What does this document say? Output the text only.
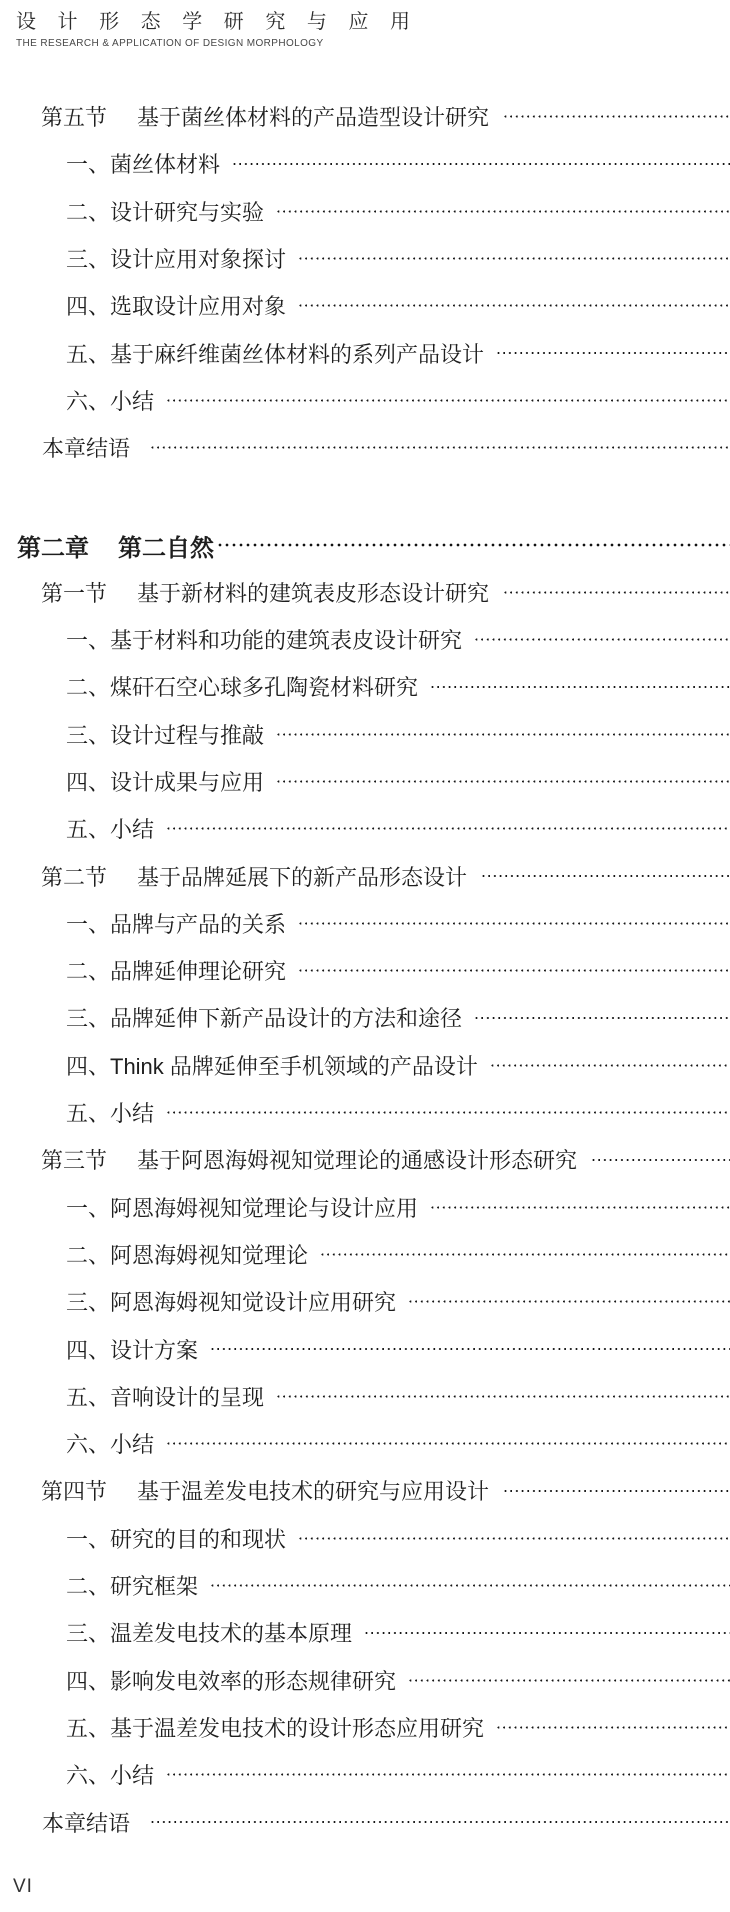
设 计 形 态 学 研 究 与 应 用
THE RESEARCH & APPLICATION OF DESIGN MORPHOLOGY
第五节 基于菌丝体材料的产品造型设计研究
一、菌丝体材料
二、设计研究与实验
三、设计应用对象探讨
四、选取设计应用对象
五、基于麻纤维菌丝体材料的系列产品设计
六、小结
本章结语
第二章 第二自然
第一节 基于新材料的建筑表皮形态设计研究
一、基于材料和功能的建筑表皮设计研究
二、煤矸石空心球多孔陶瓷材料研究
三、设计过程与推敲
四、设计成果与应用
五、小结
第二节 基于品牌延展下的新产品形态设计
一、品牌与产品的关系
二、品牌延伸理论研究
三、品牌延伸下新产品设计的方法和途径
四、Think 品牌延伸至手机领域的产品设计
五、小结
第三节 基于阿恩海姆视知觉理论的通感设计形态研究
一、阿恩海姆视知觉理论与设计应用
二、阿恩海姆视知觉理论
三、阿恩海姆视知觉设计应用研究
四、设计方案
五、音响设计的呈现
六、小结
第四节 基于温差发电技术的研究与应用设计
一、研究的目的和现状
二、研究框架
三、温差发电技术的基本原理
四、影响发电效率的形态规律研究
五、基于温差发电技术的设计形态应用研究
六、小结
本章结语
VI
